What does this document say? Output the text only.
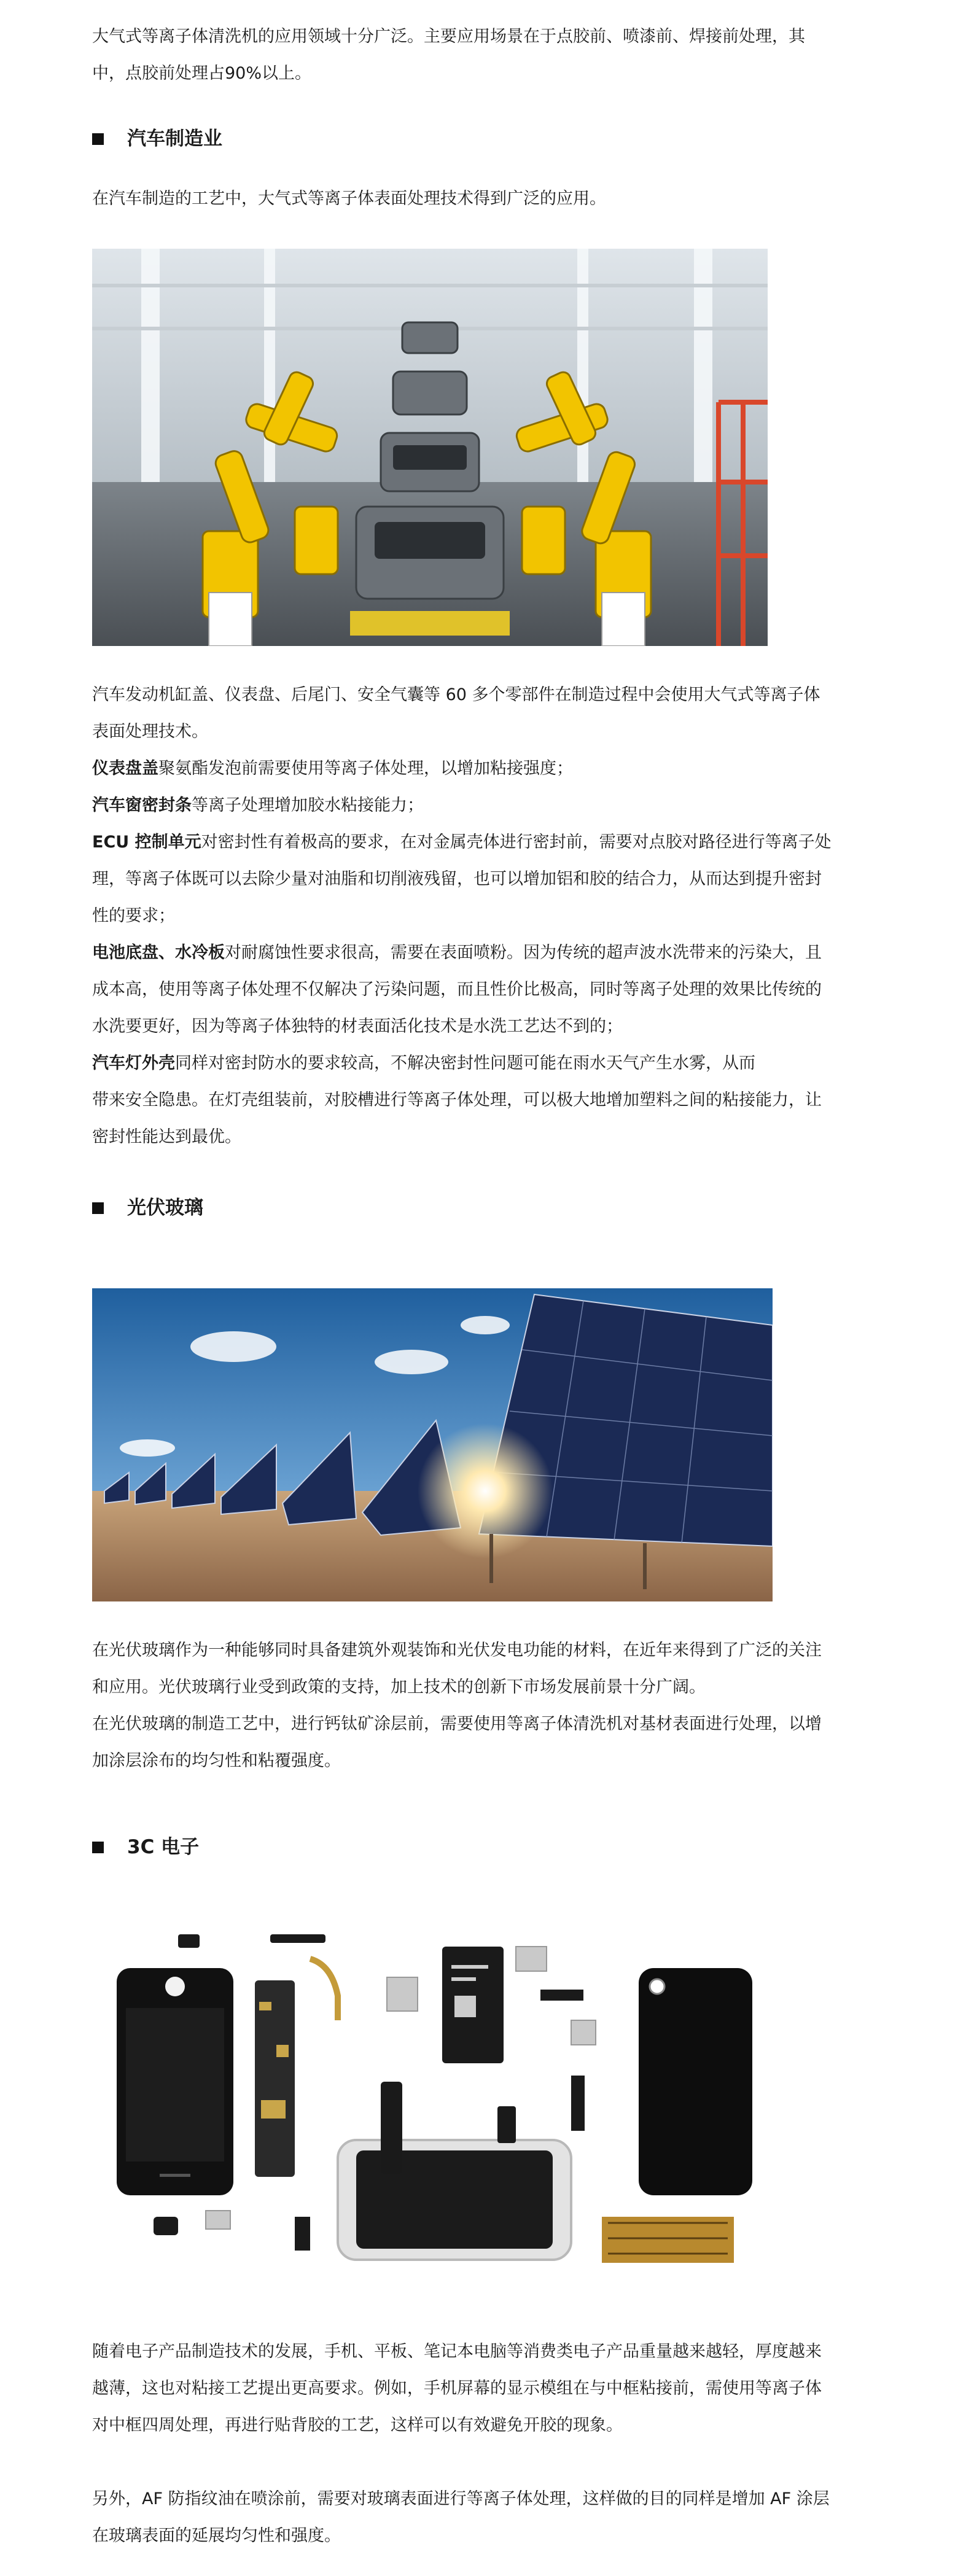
大气式等离子体清洗机的应用领域十分广泛。主要应用场景在于点胶前、喷漆前、焊接前处理，其中，点胶前处理占90%以上。

汽车制造业

在汽车制造的工艺中，大气式等离子体表面处理技术得到广泛的应用。

汽车发动机缸盖、仪表盘、后尾门、安全气囊等 60 多个零部件在制造过程中会使用大气式等离子体表面处理技术。

仪表盘盖聚氨酯发泡前需要使用等离子体处理，以增加粘接强度；

汽车窗密封条等离子处理增加胶水粘接能力；

ECU 控制单元对密封性有着极高的要求，在对金属壳体进行密封前，需要对点胶对路径进行等离子处理，等离子体既可以去除少量对油脂和切削液残留，也可以增加铝和胶的结合力，从而达到提升密封性的要求；

电池底盘、水冷板对耐腐蚀性要求很高，需要在表面喷粉。因为传统的超声波水洗带来的污染大，且成本高，使用等离子体处理不仅解决了污染问题，而且性价比极高，同时等离子处理的效果比传统的水洗要更好，因为等离子体独特的材表面活化技术是水洗工艺达不到的；

汽车灯外壳同样对密封防水的要求较高，不解决密封性问题可能在雨水天气产生水雾，从而
带来安全隐患。在灯壳组装前，对胶槽进行等离子体处理，可以极大地增加塑料之间的粘接能力，让密封性能达到最优。

光伏玻璃

在光伏玻璃作为一种能够同时具备建筑外观装饰和光伏发电功能的材料，在近年来得到了广泛的关注和应用。光伏玻璃行业受到政策的支持，加上技术的创新下市场发展前景十分广阔。

在光伏玻璃的制造工艺中，进行钙钛矿涂层前，需要使用等离子体清洗机对基材表面进行处理，以增加涂层涂布的均匀性和粘覆强度。

3C 电子

随着电子产品制造技术的发展，手机、平板、笔记本电脑等消费类电子产品重量越来越轻，厚度越来越薄，这也对粘接工艺提出更高要求。例如，手机屏幕的显示模组在与中框粘接前，需使用等离子体对中框四周处理，再进行贴背胶的工艺，这样可以有效避免开胶的现象。

另外，AF 防指纹油在喷涂前，需要对玻璃表面进行等离子体处理，这样做的目的同样是增加 AF 涂层在玻璃表面的延展均匀性和强度。
